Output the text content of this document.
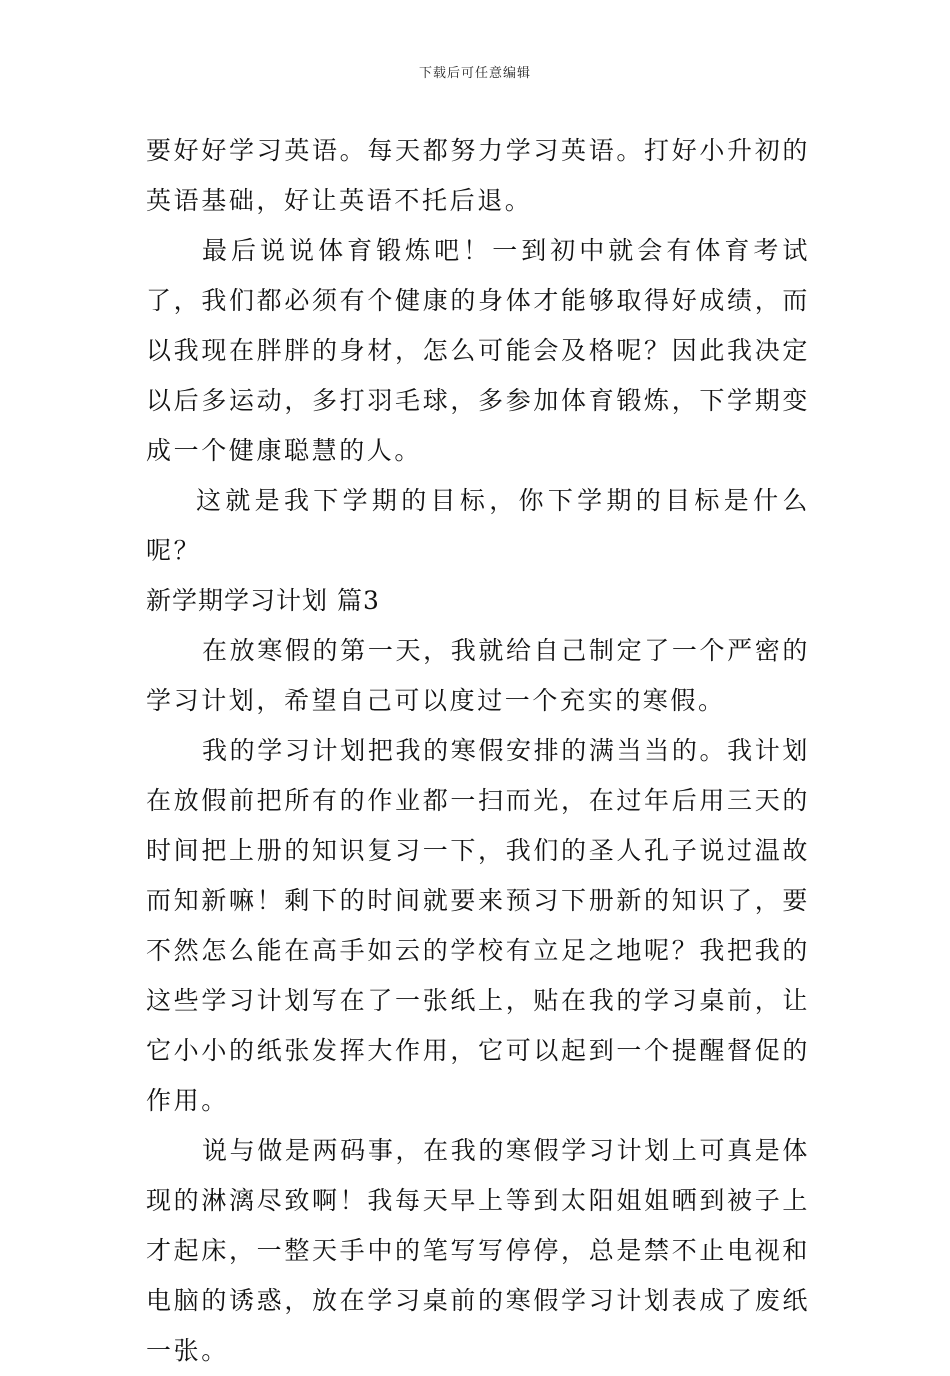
下载后可任意编辑

要好好学习英语。每天都努力学习英语。打好小升初的英语基础，好让英语不托后退。

最后说说体育锻炼吧！一到初中就会有体育考试了，我们都必须有个健康的身体才能够取得好成绩，而以我现在胖胖的身材，怎么可能会及格呢？因此我决定以后多运动，多打羽毛球，多参加体育锻炼，下学期变成一个健康聪慧的人。

这就是我下学期的目标，你下学期的目标是什么呢？

新学期学习计划 篇3

在放寒假的第一天，我就给自己制定了一个严密的学习计划，希望自己可以度过一个充实的寒假。

我的学习计划把我的寒假安排的满当当的。我计划在放假前把所有的作业都一扫而光，在过年后用三天的时间把上册的知识复习一下，我们的圣人孔子说过温故而知新嘛！剩下的时间就要来预习下册新的知识了，要不然怎么能在高手如云的学校有立足之地呢？我把我的这些学习计划写在了一张纸上，贴在我的学习桌前，让它小小的纸张发挥大作用，它可以起到一个提醒督促的作用。

说与做是两码事，在我的寒假学习计划上可真是体现的淋漓尽致啊！我每天早上等到太阳姐姐晒到被子上才起床，一整天手中的笔写写停停，总是禁不止电视和电脑的诱惑，放在学习桌前的寒假学习计划表成了废纸一张。
